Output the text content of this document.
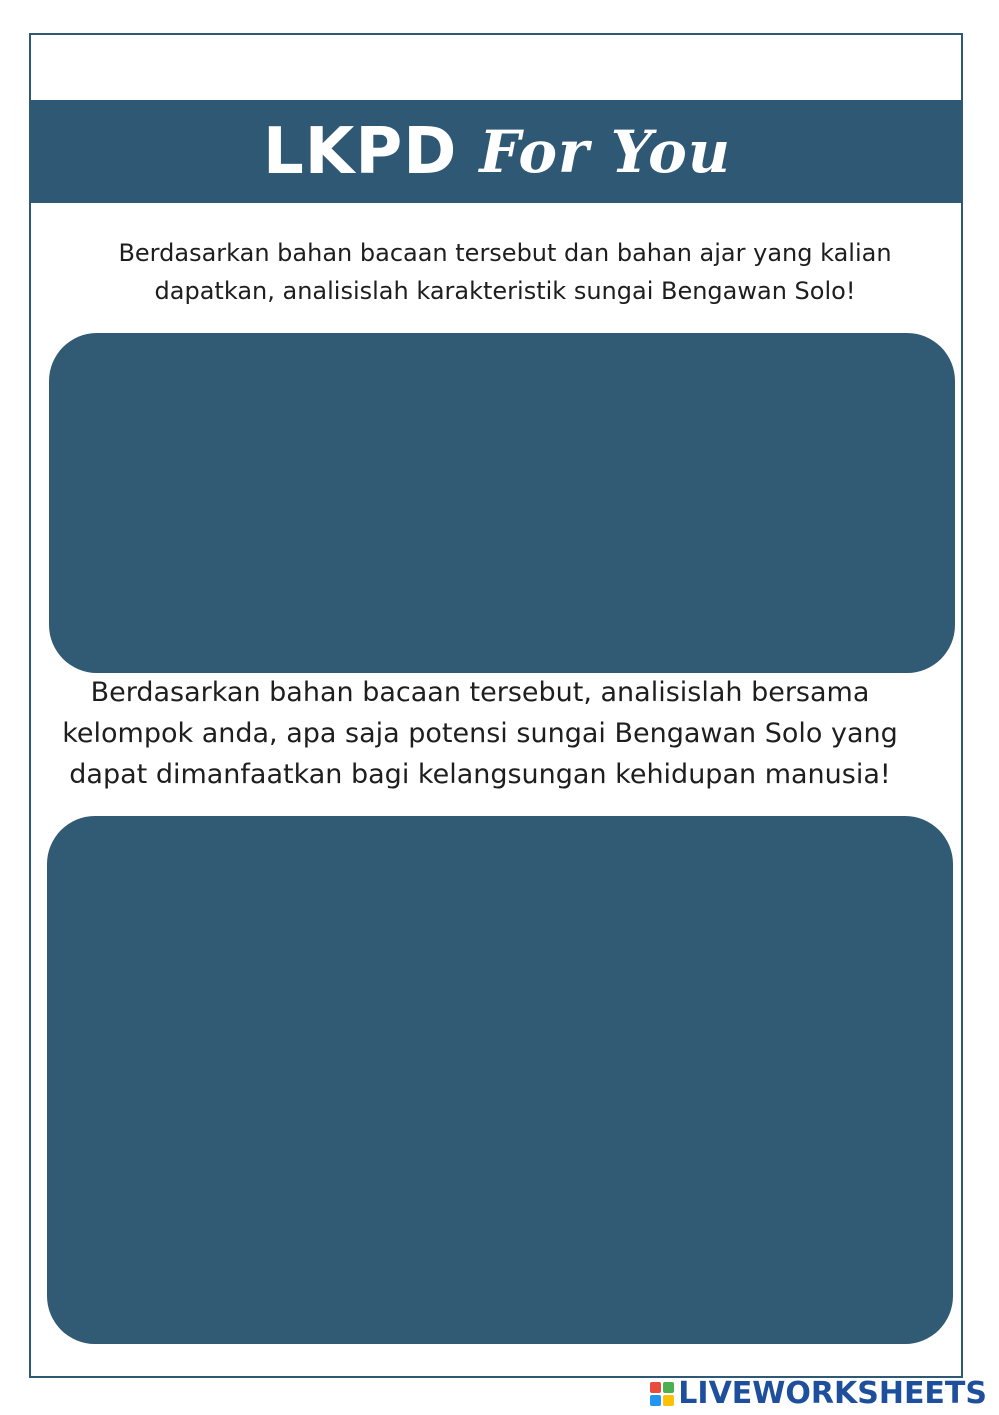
LKPD For You
Berdasarkan bahan bacaan tersebut dan bahan ajar yang kalian
dapatkan, analisislah karakteristik sungai Bengawan Solo!
Berdasarkan bahan bacaan tersebut, analisislah bersama
kelompok anda, apa saja potensi sungai Bengawan Solo yang
dapat dimanfaatkan bagi kelangsungan kehidupan manusia!
LIVEWORKSHEETS
